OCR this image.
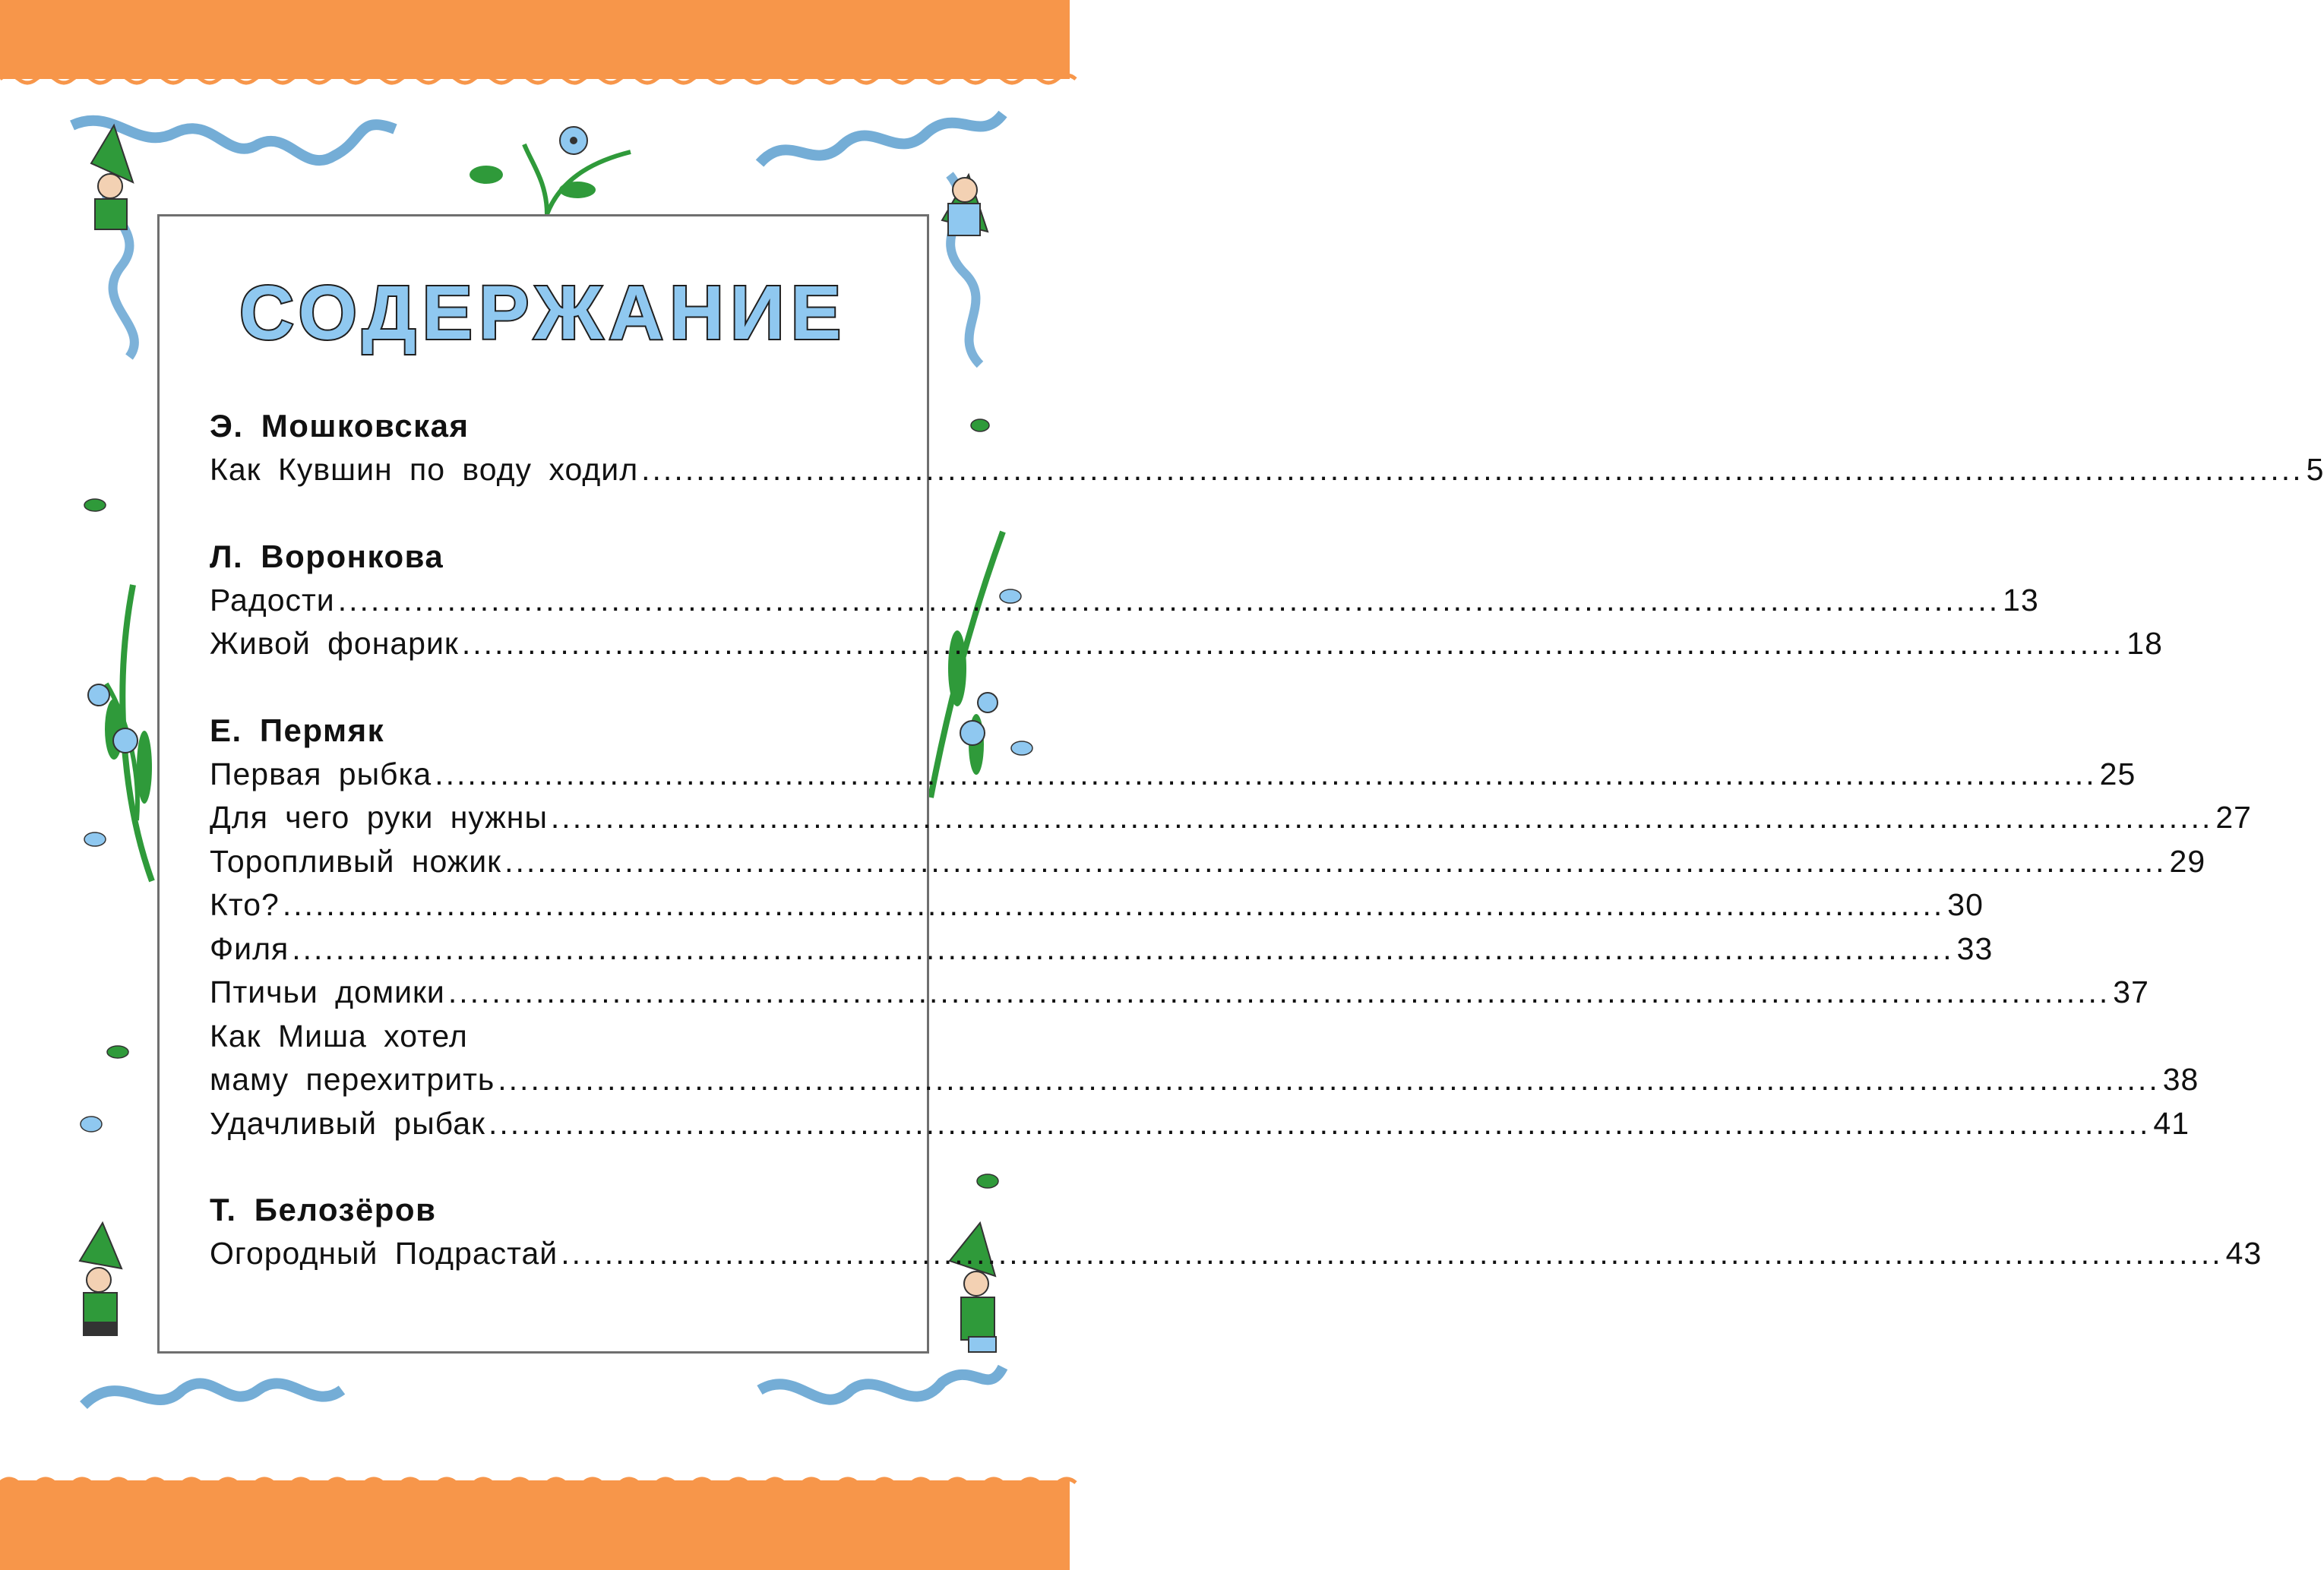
СОДЕРЖАНИЕ
Э. Мошковская
Как Кувшин по воду ходил ........................................................................................................................................................ 5
Л. Воронкова
Радости ........................................................................................................................................................ 13
Живой фонарик ........................................................................................................................................................ 18
Е. Пермяк
Первая рыбка ........................................................................................................................................................ 25
Для чего руки нужны ........................................................................................................................................................ 27
Торопливый ножик ........................................................................................................................................................ 29
Кто? ........................................................................................................................................................ 30
Филя ........................................................................................................................................................ 33
Птичьи домики ........................................................................................................................................................ 37
Как Миша хотел
маму перехитрить ........................................................................................................................................................ 38
Удачливый рыбак ........................................................................................................................................................ 41
Т. Белозёров
Огородный Подрастай ........................................................................................................................................................ 43
